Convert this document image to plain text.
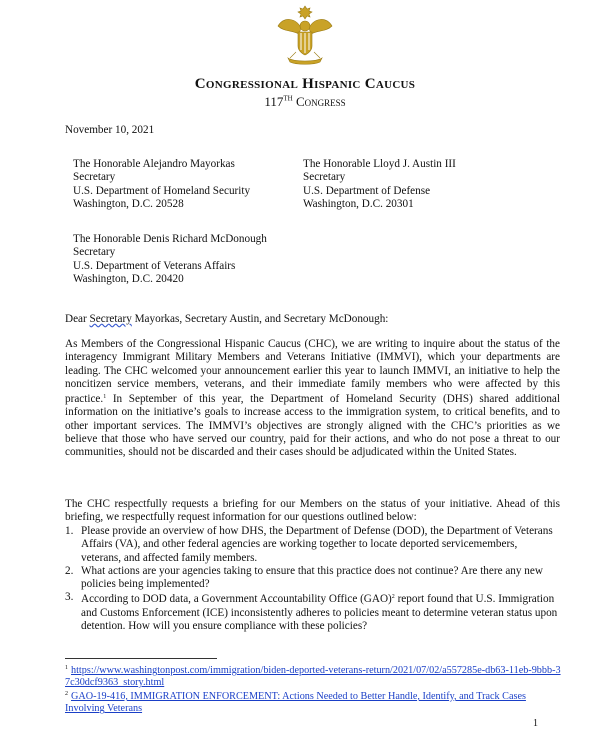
Congressional Hispanic Caucus
117TH Congress
November 10, 2021
The Honorable Alejandro Mayorkas
Secretary
U.S. Department of Homeland Security
Washington, D.C. 20528
The Honorable Lloyd J. Austin III
Secretary
U.S. Department of Defense
Washington, D.C. 20301
The Honorable Denis Richard McDonough
Secretary
U.S. Department of Veterans Affairs
Washington, D.C. 20420
Dear Secretary Mayorkas, Secretary Austin, and Secretary McDonough:
As Members of the Congressional Hispanic Caucus (CHC), we are writing to inquire about the status of the interagency Immigrant Military Members and Veterans Initiative (IMMVI), which your departments are leading. The CHC welcomed your announcement earlier this year to launch IMMVI, an initiative to help the noncitizen service members, veterans, and their immediate family members who were affected by this practice.$^1$ In September of this year, the Department of Homeland Security (DHS) shared additional information on the initiative’s goals to increase access to the immigration system, to critical benefits, and to other important services. The IMMVI’s objectives are strongly aligned with the CHC’s priorities as we believe that those who have served our country, paid for their actions, and who do not pose a threat to our communities, should not be discarded and their cases should be adjudicated within the United States.
The CHC respectfully requests a briefing for our Members on the status of your initiative. Ahead of this briefing, we respectfully request information for our questions outlined below:
1. Please provide an overview of how DHS, the Department of Defense (DOD), the Department of Veterans Affairs (VA), and other federal agencies are working together to locate deported servicemembers, veterans, and affected family members.
2. What actions are your agencies taking to ensure that this practice does not continue? Are there any new policies being implemented?
3. According to DOD data, a Government Accountability Office (GAO)$^2$ report found that U.S. Immigration and Customs Enforcement (ICE) inconsistently adheres to policies meant to determine veteran status upon detention. How will you ensure compliance with these policies?
$^1$ https://www.washingtonpost.com/immigration/biden-deported-veterans-return/2021/07/02/a557285e-db63-11eb-9bbb-37c30dcf9363_story.html
$^2$ GAO-19-416, IMMIGRATION ENFORCEMENT: Actions Needed to Better Handle, Identify, and Track Cases Involving Veterans
1
